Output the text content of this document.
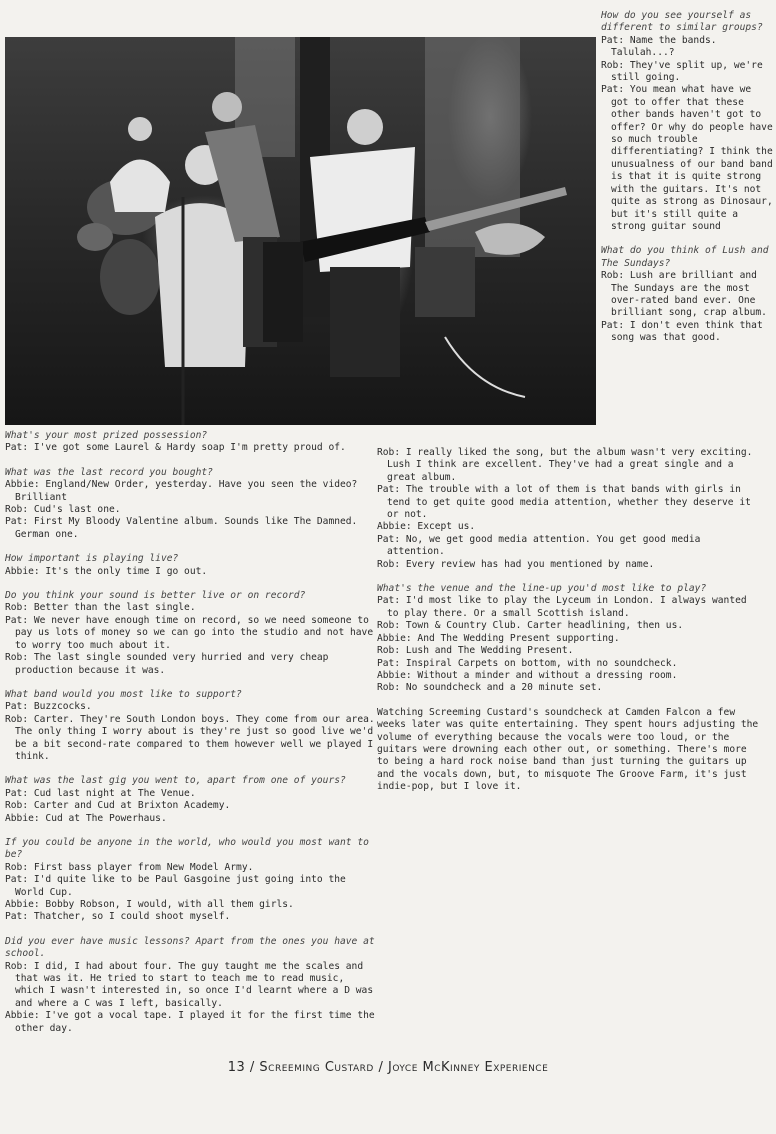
How do you see yourself as different to similar groups?

Pat: Name the bands. Talulah...?

Rob: They've split up, we're still going.

Pat: You mean what have we got to offer that these other bands haven't got to offer? Or why do people have so much trouble differentiating? I think the unusualness of our band band is that it is quite strong with the guitars. It's not quite as strong as Dinosaur, but it's still quite a strong guitar sound

What do you think of Lush and The Sundays?

Rob: Lush are brilliant and The Sundays are the most over-rated band ever. One brilliant song, crap album.

Pat: I don't even think that song was that good.

What's your most prized possession?

Pat: I've got some Laurel & Hardy soap I'm pretty proud of.

What was the last record you bought?

Abbie: England/New Order, yesterday. Have you seen the video? Brilliant

Rob: Cud's last one.

Pat: First My Bloody Valentine album. Sounds like The Damned. German one.

How important is playing live?

Abbie: It's the only time I go out.

Do you think your sound is better live or on record?

Rob: Better than the last single.

Pat: We never have enough time on record, so we need someone to pay us lots of money so we can go into the studio and not have to worry too much about it.

Rob: The last single sounded very hurried and very cheap production because it was.

What band would you most like to support?

Pat: Buzzcocks.

Rob: Carter. They're South London boys. They come from our area. The only thing I worry about is they're just so good live we'd be a bit second-rate compared to them however well we played I think.

What was the last gig you went to, apart from one of yours?

Pat: Cud last night at The Venue.

Rob: Carter and Cud at Brixton Academy.

Abbie: Cud at The Powerhaus.

If you could be anyone in the world, who would you most want to be?

Rob: First bass player from New Model Army.

Pat: I'd quite like to be Paul Gasgoine just going into the World Cup.

Abbie: Bobby Robson, I would, with all them girls.

Pat: Thatcher, so I could shoot myself.

Did you ever have music lessons? Apart from the ones you have at school.

Rob: I did, I had about four. The guy taught me the scales and that was it. He tried to start to teach me to read music, which I wasn't interested in, so once I'd learnt where a D was and where a C was I left, basically.

Abbie: I've got a vocal tape. I played it for the first time the other day.

Rob: I really liked the song, but the album wasn't very exciting. Lush I think are excellent. They've had a great single and a great album.

Pat: The trouble with a lot of them is that bands with girls in tend to get quite good media attention, whether they deserve it or not.

Abbie: Except us.

Pat: No, we get good media attention. You get good media attention.

Rob: Every review has had you mentioned by name.

What's the venue and the line-up you'd most like to play?

Pat: I'd most like to play the Lyceum in London. I always wanted to play there. Or a small Scottish island.

Rob: Town & Country Club. Carter headlining, then us.

Abbie: And The Wedding Present supporting.

Rob: Lush and The Wedding Present.

Pat: Inspiral Carpets on bottom, with no soundcheck.

Abbie: Without a minder and without a dressing room.

Rob: No soundcheck and a 20 minute set.

Watching Screeming Custard's soundcheck at Camden Falcon a few weeks later was quite entertaining. They spent hours adjusting the volume of everything because the vocals were too loud, or the guitars were drowning each other out, or something. There's more to being a hard rock noise band than just turning the guitars up and the vocals down, but, to misquote The Groove Farm, it's just indie-pop, but I love it.

13 / Screeming Custard / Joyce McKinney Experience
